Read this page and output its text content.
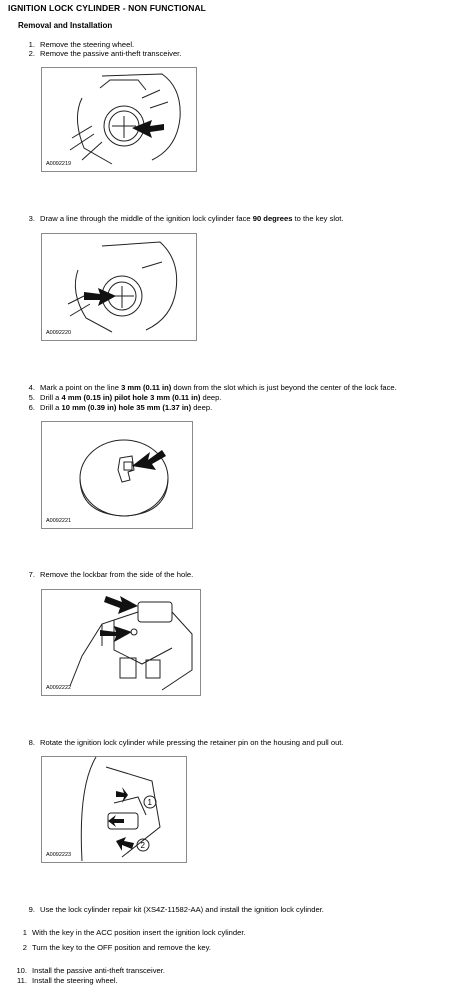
IGNITION LOCK CYLINDER - NON FUNCTIONAL
Removal and Installation
1. Remove the steering wheel.
2. Remove the passive anti-theft transceiver.
A0092219
3. Draw a line through the middle of the ignition lock cylinder face 90 degrees to the key slot.
A0092220
4. Mark a point on the line 3 mm (0.11 in) down from the slot which is just beyond the center of the lock face.
5. Drill a 4 mm (0.15 in) pilot hole 3 mm (0.11 in) deep.
6. Drill a 10 mm (0.39 in) hole 35 mm (1.37 in) deep.
A0092221
7. Remove the lockbar from the side of the hole.
A0092222
8. Rotate the ignition lock cylinder while pressing the retainer pin on the housing and pull out.
1
2
A0092223
9. Use the lock cylinder repair kit (XS4Z-11582-AA) and install the ignition lock cylinder.
1 With the key in the ACC position insert the ignition lock cylinder.
2 Turn the key to the OFF position and remove the key.
10. Install the passive anti-theft transceiver.
11. Install the steering wheel.
